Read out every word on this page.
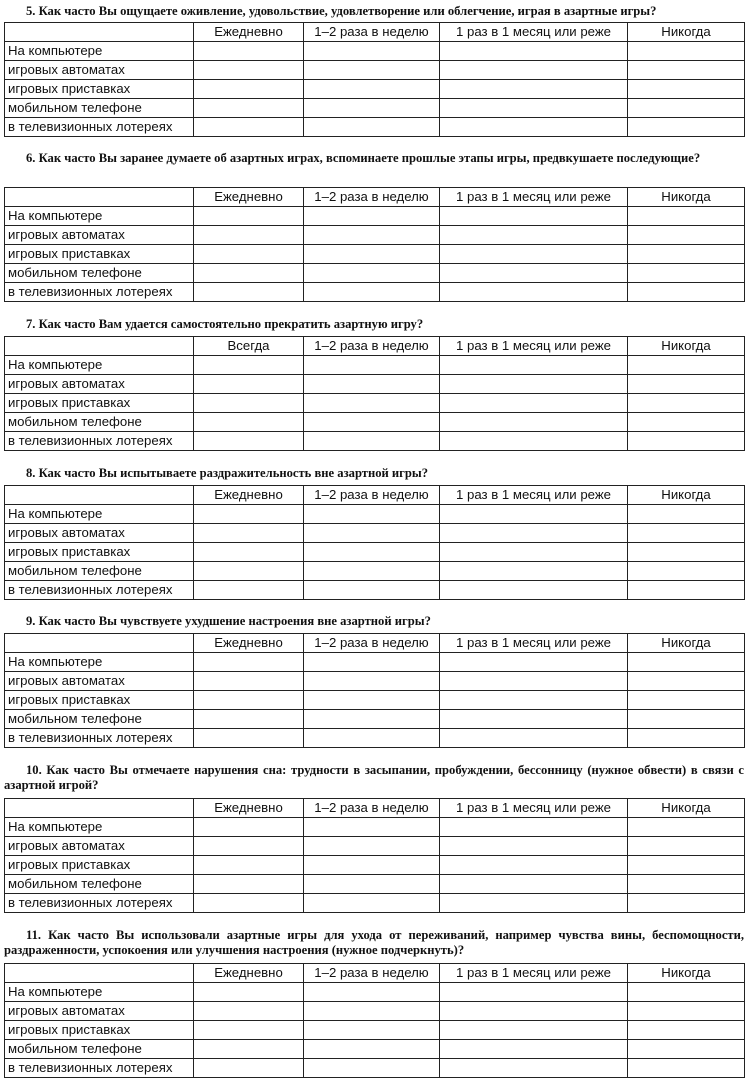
5. Как часто Вы ощущаете оживление, удовольствие, удовлетворение или облегчение, играя в азартные игры?
	Ежедневно	1–2 раза в неделю	1 раз в 1 месяц или реже	Никогда
На компьютере				
игровых автоматах				
игровых приставках				
мобильном телефоне				
в телевизионных лотереях				
6. Как часто Вы заранее думаете об азартных играх, вспоминаете прошлые этапы игры, предвкушаете последующие?
	Ежедневно	1–2 раза в неделю	1 раз в 1 месяц или реже	Никогда
На компьютере				
игровых автоматах				
игровых приставках				
мобильном телефоне				
в телевизионных лотереях				
7. Как часто Вам удается самостоятельно прекратить азартную игру?
	Всегда	1–2 раза в неделю	1 раз в 1 месяц или реже	Никогда
На компьютере				
игровых автоматах				
игровых приставках				
мобильном телефоне				
в телевизионных лотереях				
8. Как часто Вы испытываете раздражительность вне азартной игры?
	Ежедневно	1–2 раза в неделю	1 раз в 1 месяц или реже	Никогда
На компьютере				
игровых автоматах				
игровых приставках				
мобильном телефоне				
в телевизионных лотереях				
9. Как часто Вы чувствуете ухудшение настроения вне азартной игры?
	Ежедневно	1–2 раза в неделю	1 раз в 1 месяц или реже	Никогда
На компьютере				
игровых автоматах				
игровых приставках				
мобильном телефоне				
в телевизионных лотереях				
10. Как часто Вы отмечаете нарушения сна: трудности в засыпании, пробуждении, бессонницу (нужное обвести) в связи с азартной игрой?
	Ежедневно	1–2 раза в неделю	1 раз в 1 месяц или реже	Никогда
На компьютере				
игровых автоматах				
игровых приставках				
мобильном телефоне				
в телевизионных лотереях				
11. Как часто Вы использовали азартные игры для ухода от переживаний, например чувства вины, беспомощности, раздраженности, успокоения или улучшения настроения (нужное подчеркнуть)?
	Ежедневно	1–2 раза в неделю	1 раз в 1 месяц или реже	Никогда
На компьютере				
игровых автоматах				
игровых приставках				
мобильном телефоне				
в телевизионных лотереях				
